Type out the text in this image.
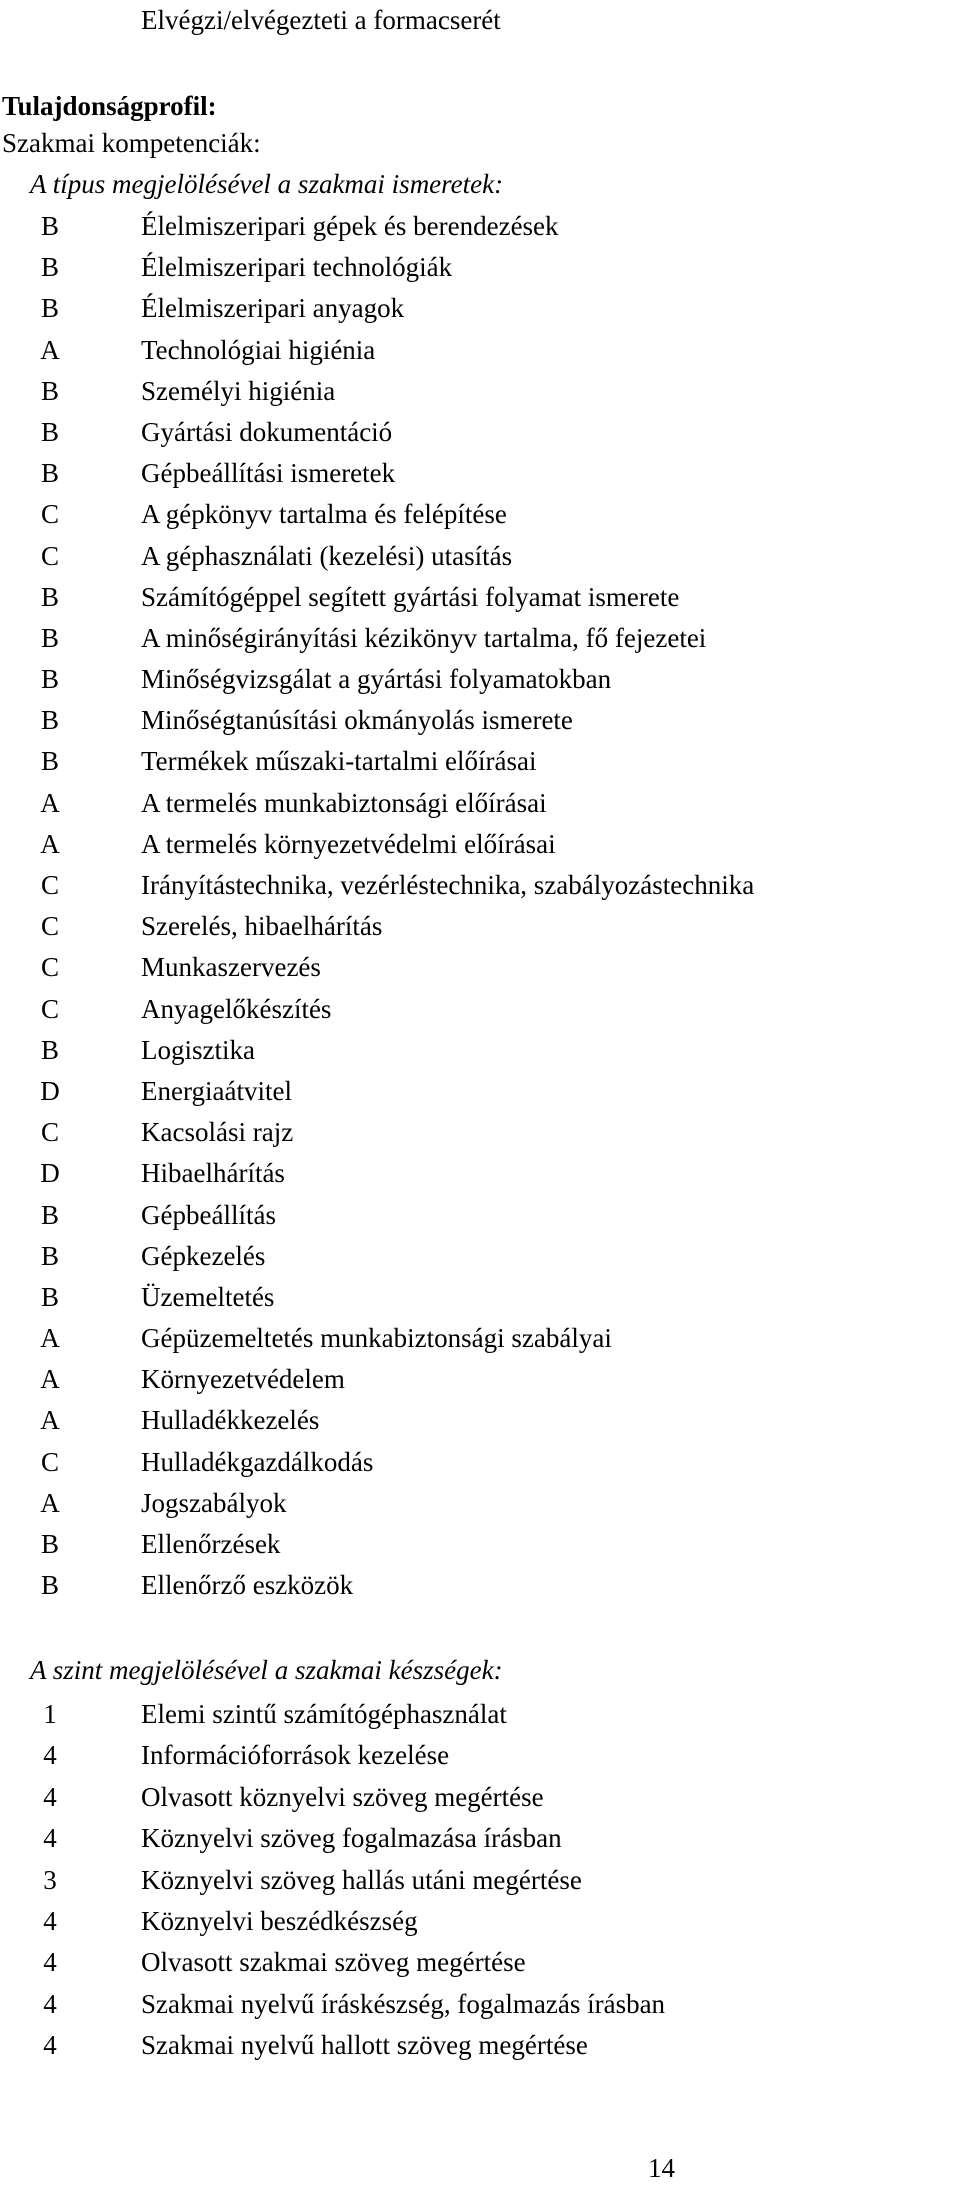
Elvégzi/elvégezteti a formacserét
Tulajdonságprofil:
Szakmai kompetenciák:
A típus megjelölésével a szakmai ismeretek:
B	Élelmiszeripari gépek és berendezések
B	Élelmiszeripari technológiák
B	Élelmiszeripari anyagok
A	Technológiai higiénia
B	Személyi higiénia
B	Gyártási dokumentáció
B	Gépbeállítási ismeretek
C	A gépkönyv tartalma és felépítése
C	A géphasználati (kezelési) utasítás
B	Számítógéppel segített gyártási folyamat ismerete
B	A minőségirányítási kézikönyv tartalma, fő fejezetei
B	Minőségvizsgálat a gyártási folyamatokban
B	Minőségtanúsítási okmányolás ismerete
B	Termékek műszaki-tartalmi előírásai
A	A termelés munkabiztonsági előírásai
A	A termelés környezetvédelmi előírásai
C	Irányítástechnika, vezérléstechnika, szabályozástechnika
C	Szerelés, hibaelhárítás
C	Munkaszervezés
C	Anyagelőkészítés
B	Logisztika
D	Energiaátvitel
C	Kacsolási rajz
D	Hibaelhárítás
B	Gépbeállítás
B	Gépkezelés
B	Üzemeltetés
A	Gépüzemeltetés munkabiztonsági szabályai
A	Környezetvédelem
A	Hulladékkezelés
C	Hulladékgazdálkodás
A	Jogszabályok
B	Ellenőrzések
B	Ellenőrző eszközök
A szint megjelölésével a szakmai készségek:
1	Elemi szintű számítógéphasználat
4	Információforrások kezelése
4	Olvasott köznyelvi szöveg megértése
4	Köznyelvi szöveg fogalmazása írásban
3	Köznyelvi szöveg hallás utáni megértése
4	Köznyelvi beszédkészség
4	Olvasott szakmai szöveg megértése
4	Szakmai nyelvű íráskészség, fogalmazás írásban
4	Szakmai nyelvű hallott szöveg megértése
14
